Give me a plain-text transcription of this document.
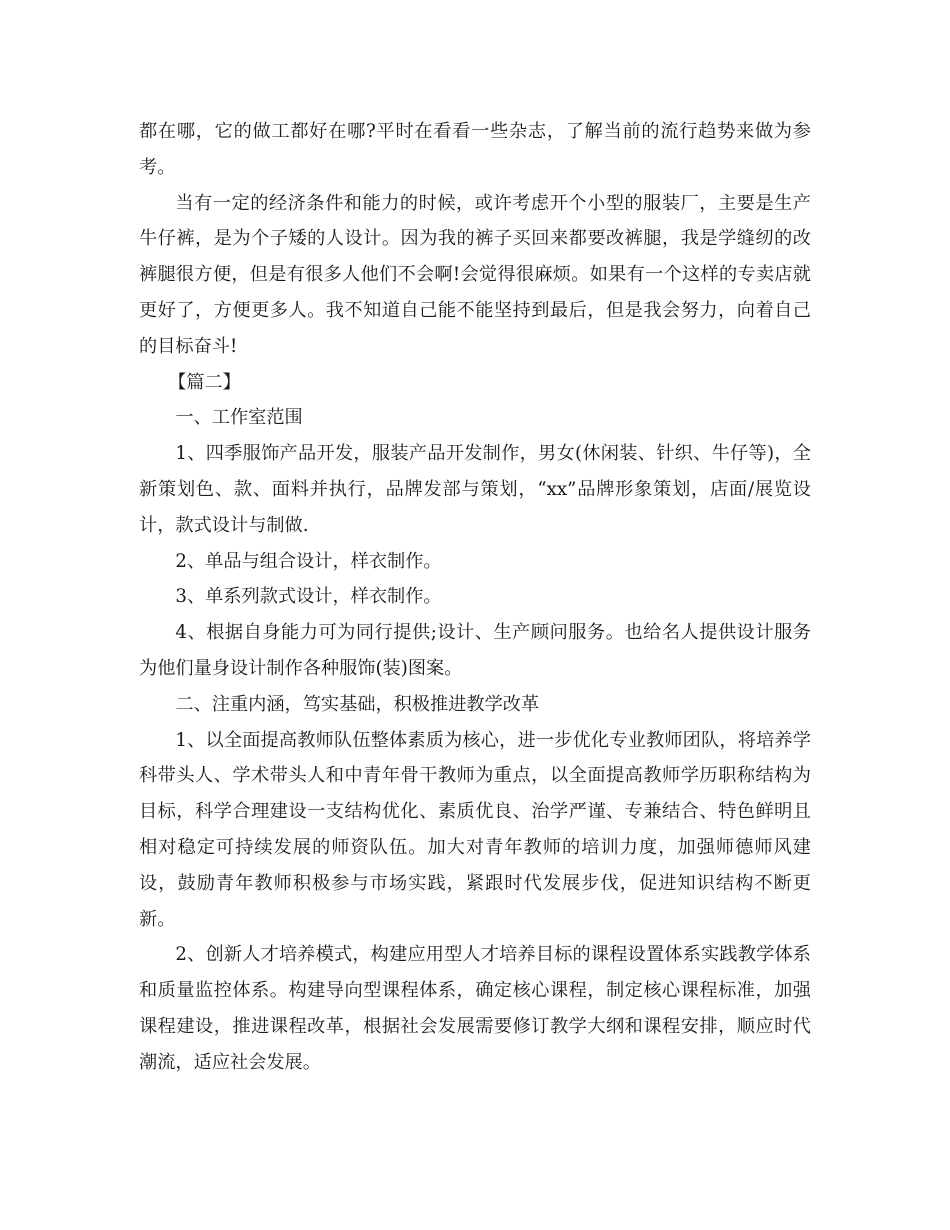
都在哪，它的做工都好在哪?平时在看看一些杂志，了解当前的流行趋势来做为参考。

当有一定的经济条件和能力的时候，或许考虑开个小型的服装厂，主要是生产牛仔裤，是为个子矮的人设计。因为我的裤子买回来都要改裤腿，我是学缝纫的改裤腿很方便，但是有很多人他们不会啊!会觉得很麻烦。如果有一个这样的专卖店就更好了，方便更多人。我不知道自己能不能坚持到最后，但是我会努力，向着自己的目标奋斗!

【篇二】

一、工作室范围

1、四季服饰产品开发，服装产品开发制作，男女(休闲装、针织、牛仔等)，全新策划色、款、面料并执行，品牌发部与策划，“xx”品牌形象策划，店面/展览设计，款式设计与制做.

2、单品与组合设计，样衣制作。

3、单系列款式设计，样衣制作。

4、根据自身能力可为同行提供;设计、生产顾问服务。也给名人提供设计服务为他们量身设计制作各种服饰(装)图案。

二、注重内涵，笃实基础，积极推进教学改革

1、以全面提高教师队伍整体素质为核心，进一步优化专业教师团队，将培养学科带头人、学术带头人和中青年骨干教师为重点，以全面提高教师学历职称结构为目标，科学合理建设一支结构优化、素质优良、治学严谨、专兼结合、特色鲜明且相对稳定可持续发展的师资队伍。加大对青年教师的培训力度，加强师德师风建设，鼓励青年教师积极参与市场实践，紧跟时代发展步伐，促进知识结构不断更新。

2、创新人才培养模式，构建应用型人才培养目标的课程设置体系实践教学体系和质量监控体系。构建导向型课程体系，确定核心课程，制定核心课程标准，加强课程建设，推进课程改革，根据社会发展需要修订教学大纲和课程安排，顺应时代潮流，适应社会发展。
